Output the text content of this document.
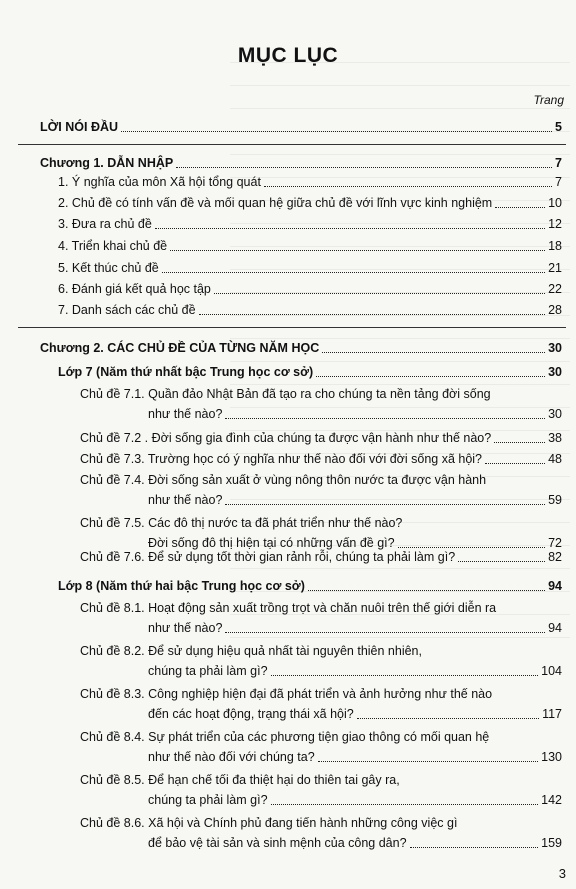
MỤC LỤC
Trang
LỜI NÓI ĐẦU	5
Chương 1. DẪN NHẬP	7
1. Ý nghĩa của môn Xã hội tổng quát	7
2. Chủ đề có tính vấn đề và mối quan hệ giữa chủ đề với lĩnh vực kinh nghiệm	10
3. Đưa ra chủ đề	12
4. Triển khai chủ đề	18
5. Kết thúc chủ đề	21
6. Đánh giá kết quả học tập	22
7. Danh sách các chủ đề	28
Chương 2. CÁC CHỦ ĐỀ CỦA TỪNG NĂM HỌC	30
Lớp 7 (Năm thứ nhất bậc Trung học cơ sở)	30
Chủ đề 7.1. Quần đảo Nhật Bản đã tạo ra cho chúng ta nền tảng đời sống
như thế nào?	30
Chủ đề 7.2 . Đời sống gia đình của chúng ta được vận hành như thế nào?	38
Chủ đề 7.3. Trường học có ý nghĩa như thế nào đối với đời sống xã hội?	48
Chủ đề 7.4. Đời sống sản xuất ở vùng nông thôn nước ta được vận hành
như thế nào?	59
Chủ đề 7.5. Các đô thị nước ta đã phát triển như thế nào?
Đời sống đô thị hiện tại có những vấn đề gì?	72
Chủ đề 7.6. Để sử dụng tốt thời gian rảnh rỗi, chúng ta phải làm gì?	82
Lớp 8 (Năm thứ hai bậc Trung học cơ sở)	94
Chủ đề 8.1. Hoạt động sản xuất trồng trọt và chăn nuôi trên thế giới diễn ra
như thế nào?	94
Chủ đề 8.2. Để sử dụng hiệu quả nhất tài nguyên thiên nhiên,
chúng ta phải làm gì?	104
Chủ đề 8.3. Công nghiệp hiện đại đã phát triển và ảnh hưởng như thế nào
đến các hoạt động, trạng thái xã hội?	117
Chủ đề 8.4. Sự phát triển của các phương tiện giao thông có mối quan hệ
như thế nào đối với chúng ta?	130
Chủ đề 8.5. Để hạn chế tối đa thiệt hại do thiên tai gây ra,
chúng ta phải làm gì?	142
Chủ đề 8.6. Xã hội và Chính phủ đang tiến hành những công việc gì
để bảo vệ tài sản và sinh mệnh của công dân?	159
3
